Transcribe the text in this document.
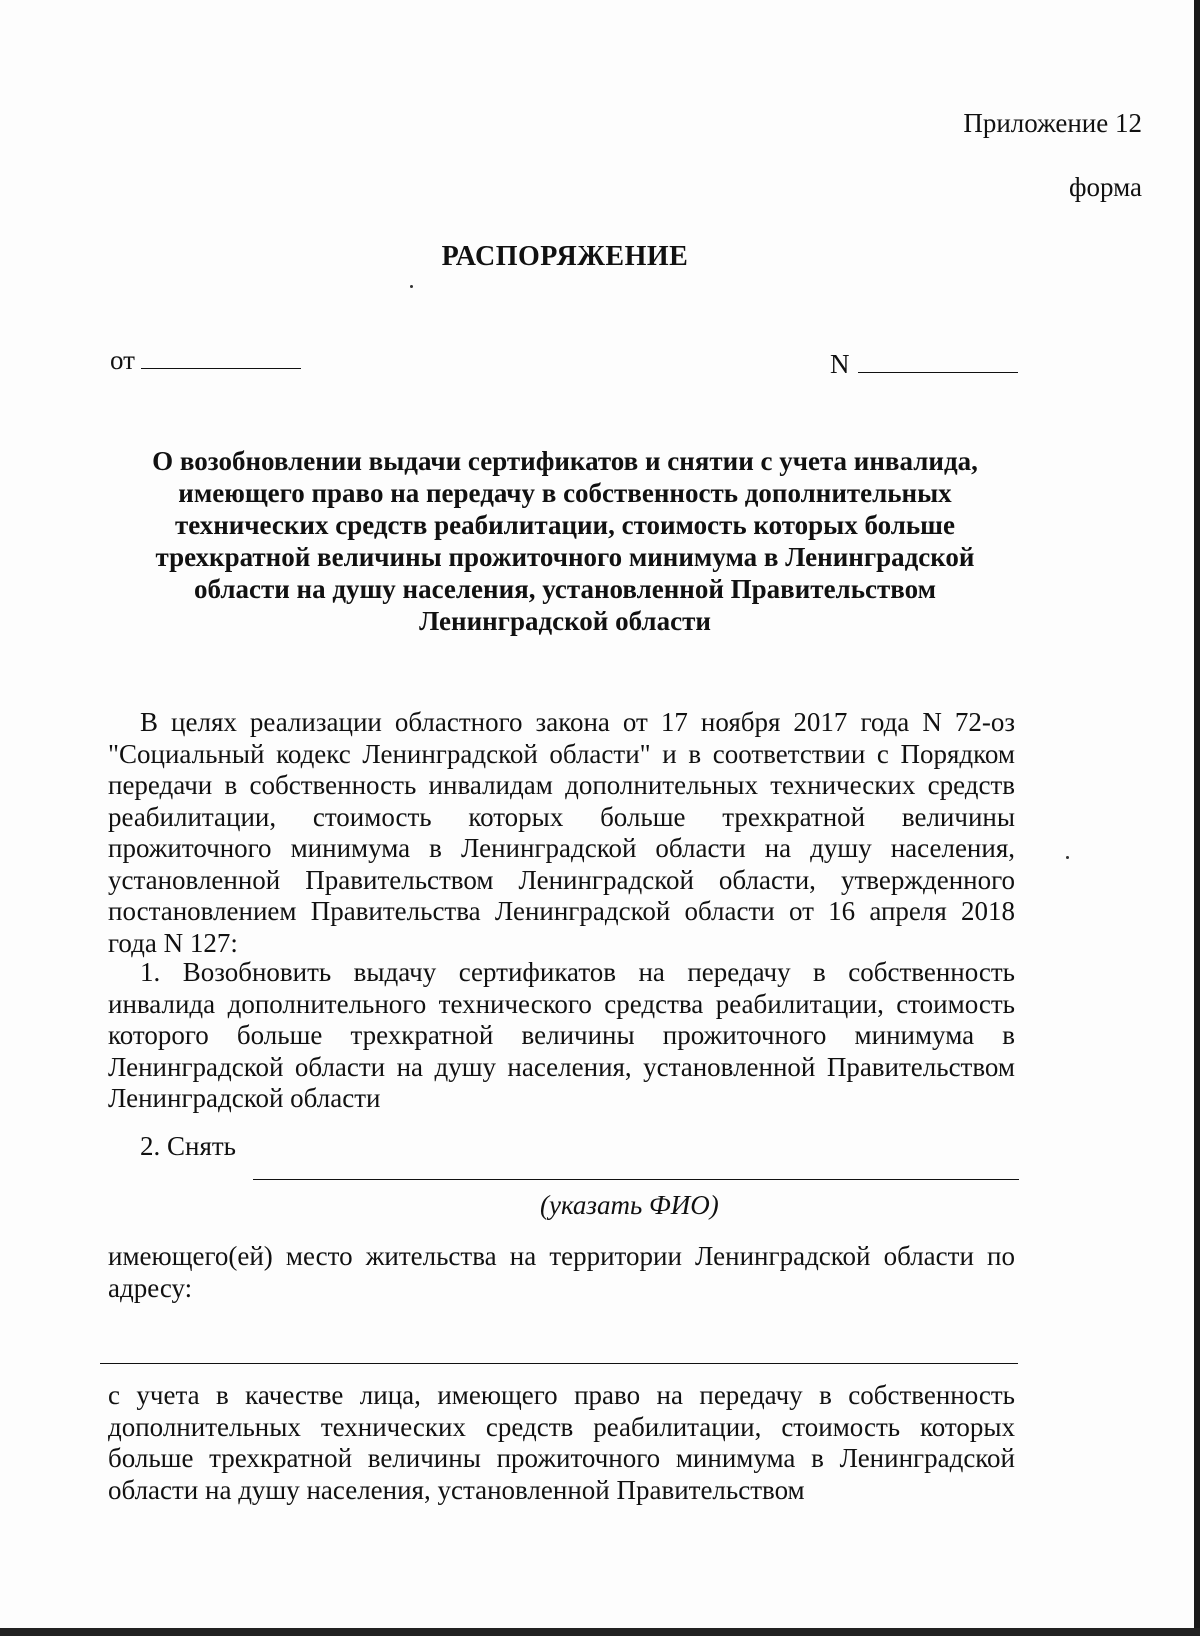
Приложение 12
форма
РАСПОРЯЖЕНИЕ
от	N
О возобновлении выдачи сертификатов и снятии с учета инвалида, имеющего право на передачу в собственность дополнительных технических средств реабилитации, стоимость которых больше трехкратной величины прожиточного минимума в Ленинградской области на душу населения, установленной Правительством Ленинградской области
В целях реализации областного закона от 17 ноября 2017 года N 72-оз "Социальный кодекс Ленинградской области" и в соответствии с Порядком передачи в собственность инвалидам дополнительных технических средств реабилитации, стоимость которых больше трехкратной величины прожиточного минимума в Ленинградской области на душу населения, установленной Правительством Ленинградской области, утвержденного постановлением Правительства Ленинградской области от 16 апреля 2018 года N 127:
1. Возобновить выдачу сертификатов на передачу в собственность инвалида дополнительного технического средства реабилитации, стоимость которого больше трехкратной величины прожиточного минимума в Ленинградской области на душу населения, установленной Правительством Ленинградской области
2. Снять
(указать ФИО)
имеющего(ей) место жительства на территории Ленинградской области по адресу:
с учета в качестве лица, имеющего право на передачу в собственность дополнительных технических средств реабилитации, стоимость которых больше трехкратной величины прожиточного минимума в Ленинградской области на душу населения, установленной Правительством
